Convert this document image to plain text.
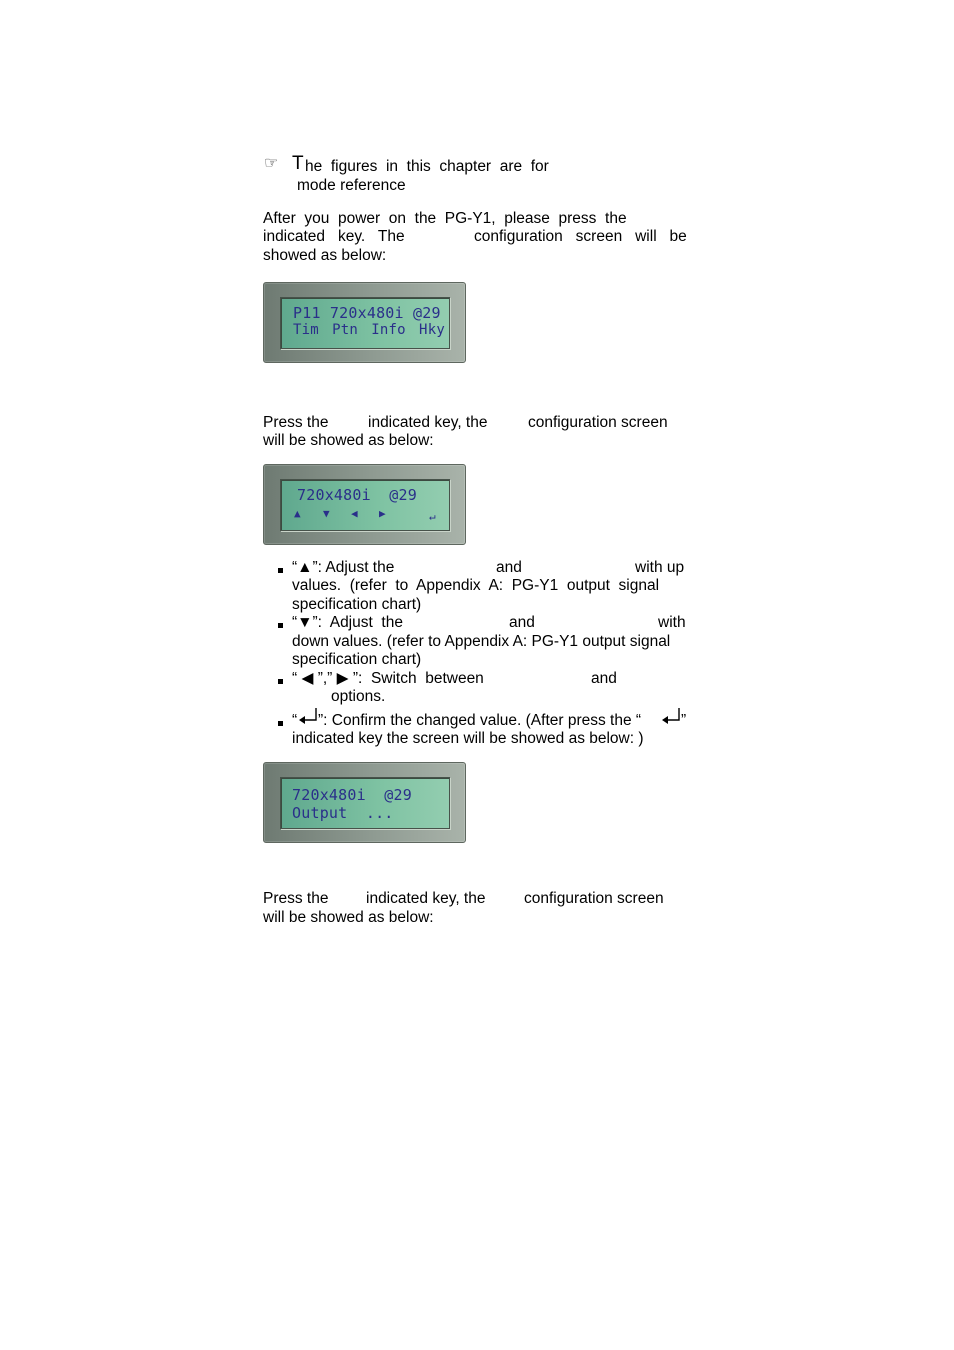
☞ T he  figures  in  this  chapter  are  for
mode reference
After  you  power  on  the  PG-Y1,  please  press  the
indicated   key.   The	configuration   screen   will   be
showed as below:
P11 720x480i @29
Tim  Ptn  Info  Hky
Press the	indicated key, the	configuration screen
will be showed as below:
720x480i  @29
▲ ▼ ◀ ▶	↵
“▲”: Adjust the	and	with up
values.  (refer  to  Appendix  A:  PG-Y1  output  signal
specification chart)
“▼”:  Adjust  the	and	with
down values. (refer to Appendix A: PG-Y1 output signal
specification chart)
“ ◀ ”,” ▶ ”:  Switch  between	and
options.
“ ”: Confirm the changed value. (After press the “	”
indicated key the screen will be showed as below: )
720x480i  @29
Output  ...
Press the indicated key, the configuration screen
will be showed as below:
